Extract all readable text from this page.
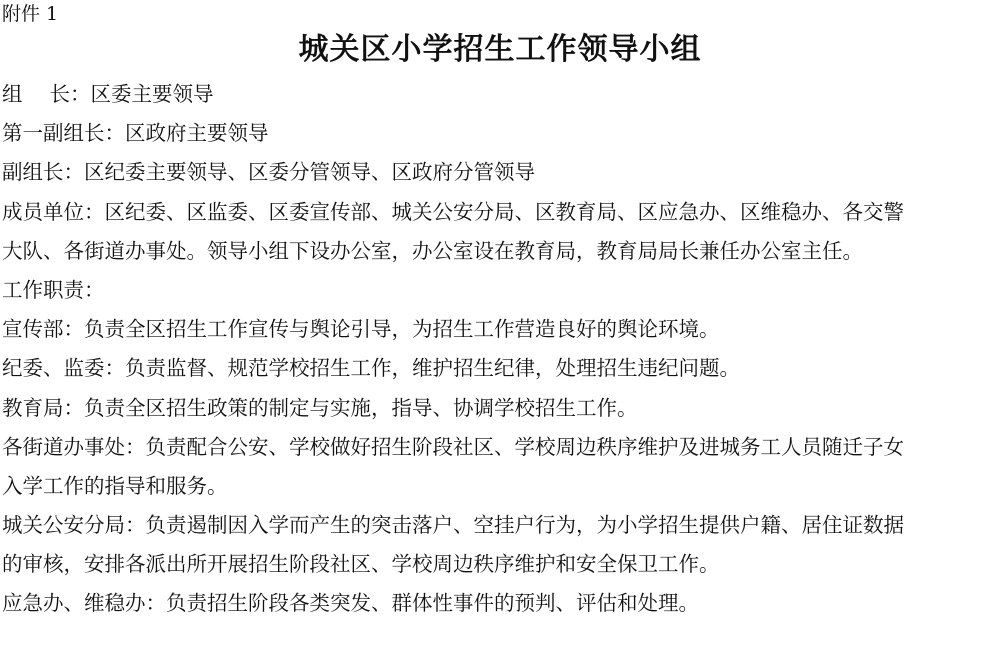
附件 1
城关区小学招生工作领导小组
组　 长：区委主要领导
第一副组长：区政府主要领导
副组长：区纪委主要领导、区委分管领导、区政府分管领导
成员单位：区纪委、区监委、区委宣传部、城关公安分局、区教育局、区应急办、区维稳办、各交警
大队、各街道办事处。领导小组下设办公室，办公室设在教育局，教育局局长兼任办公室主任。
工作职责：
宣传部：负责全区招生工作宣传与舆论引导，为招生工作营造良好的舆论环境。
纪委、监委：负责监督、规范学校招生工作，维护招生纪律，处理招生违纪问题。
教育局：负责全区招生政策的制定与实施，指导、协调学校招生工作。
各街道办事处：负责配合公安、学校做好招生阶段社区、学校周边秩序维护及进城务工人员随迁子女
入学工作的指导和服务。
城关公安分局：负责遏制因入学而产生的突击落户、空挂户行为，为小学招生提供户籍、居住证数据
的审核，安排各派出所开展招生阶段社区、学校周边秩序维护和安全保卫工作。
应急办、维稳办：负责招生阶段各类突发、群体性事件的预判、评估和处理。
